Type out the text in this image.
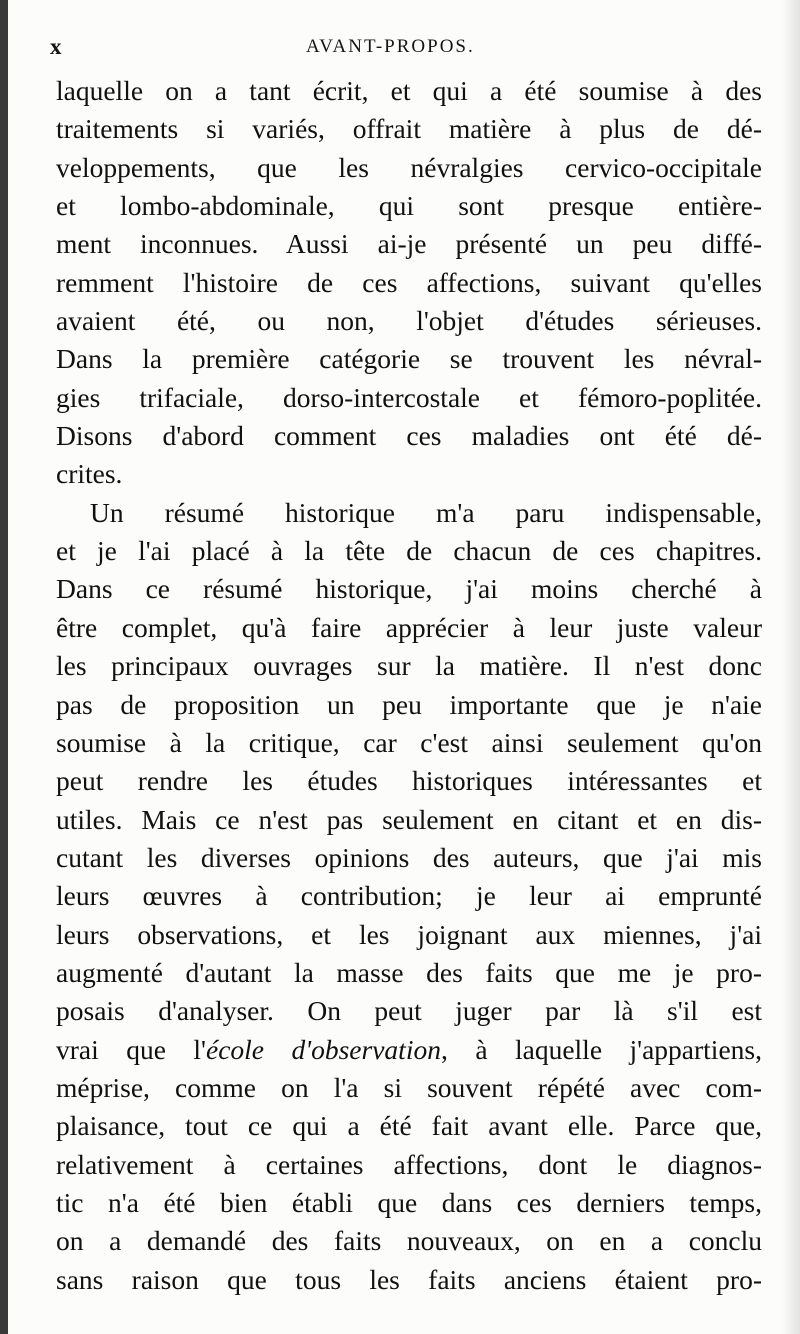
x	AVANT-PROPOS.
laquelle on a tant écrit, et qui a été soumise à des
traitements si variés, offrait matière à plus de dé-
veloppements, que les névralgies cervico-occipitale
et lombo-abdominale, qui sont presque entière-
ment inconnues. Aussi ai-je présenté un peu diffé-
remment l'histoire de ces affections, suivant qu'elles
avaient été, ou non, l'objet d'études sérieuses.
Dans la première catégorie se trouvent les névral-
gies trifaciale, dorso-intercostale et fémoro-poplitée.
Disons d'abord comment ces maladies ont été dé-
crites.
Un résumé historique m'a paru indispensable,
et je l'ai placé à la tête de chacun de ces chapitres.
Dans ce résumé historique, j'ai moins cherché à
être complet, qu'à faire apprécier à leur juste valeur
les principaux ouvrages sur la matière. Il n'est donc
pas de proposition un peu importante que je n'aie
soumise à la critique, car c'est ainsi seulement qu'on
peut rendre les études historiques intéressantes et
utiles. Mais ce n'est pas seulement en citant et en dis-
cutant les diverses opinions des auteurs, que j'ai mis
leurs œuvres à contribution; je leur ai emprunté
leurs observations, et les joignant aux miennes, j'ai
augmenté d'autant la masse des faits que me je pro-
posais d'analyser. On peut juger par là s'il est
vrai que l'école d'observation, à laquelle j'appartiens,
méprise, comme on l'a si souvent répété avec com-
plaisance, tout ce qui a été fait avant elle. Parce que,
relativement à certaines affections, dont le diagnos-
tic n'a été bien établi que dans ces derniers temps,
on a demandé des faits nouveaux, on en a conclu
sans raison que tous les faits anciens étaient pro-
